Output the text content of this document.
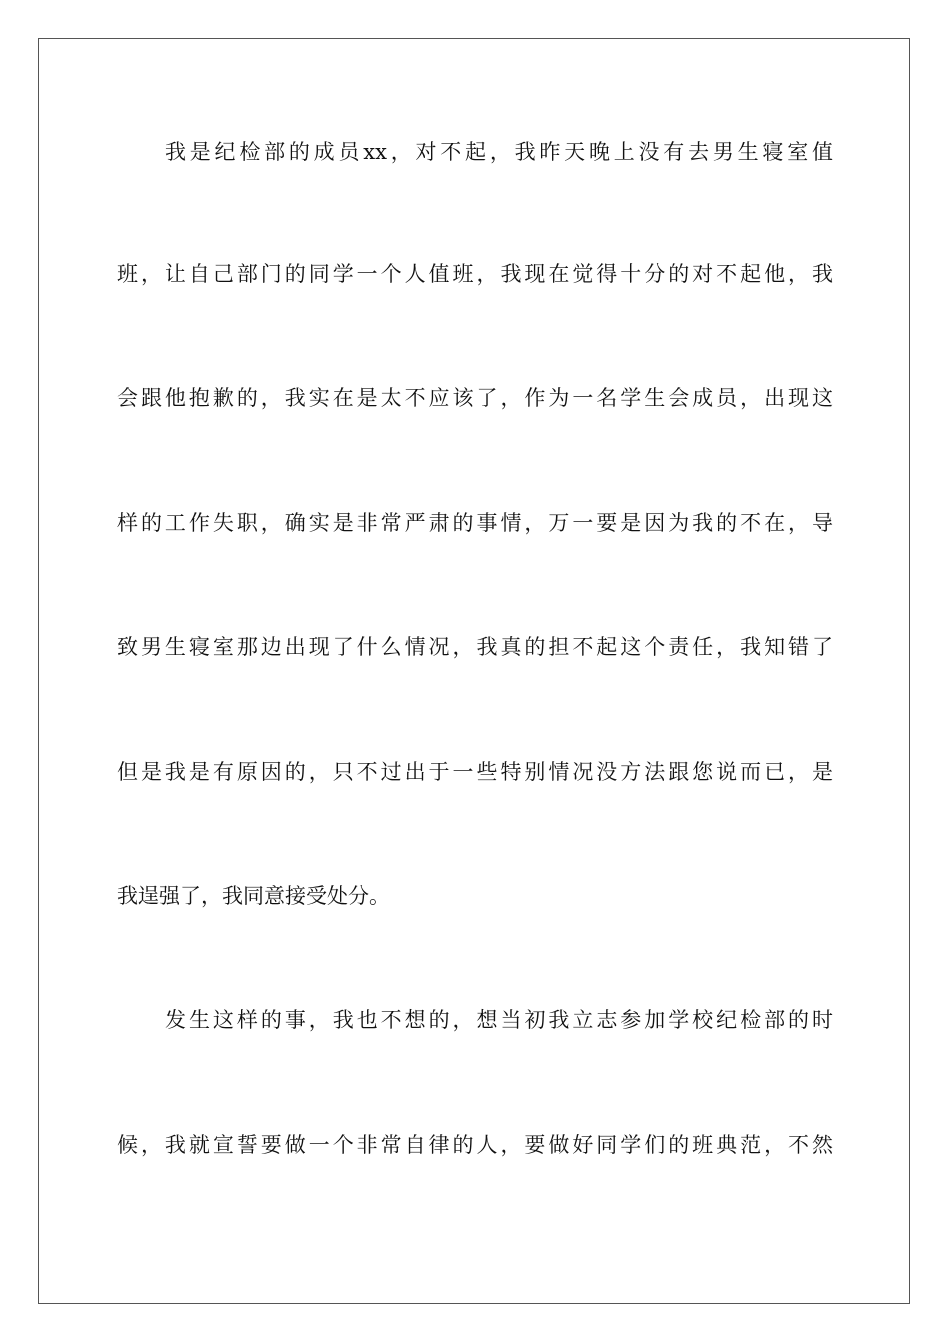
我是纪检部的成员xx，对不起，我昨天晚上没有去男生寝室值
班，让自己部门的同学一个人值班，我现在觉得十分的对不起他，我
会跟他抱歉的，我实在是太不应该了，作为一名学生会成员，出现这
样的工作失职，确实是非常严肃的事情，万一要是因为我的不在，导
致男生寝室那边出现了什么情况，我真的担不起这个责任，我知错了
但是我是有原因的，只不过出于一些特别情况没方法跟您说而已，是
我逞强了，我同意接受处分。
发生这样的事，我也不想的，想当初我立志参加学校纪检部的时
候，我就宣誓要做一个非常自律的人，要做好同学们的班典范，不然
